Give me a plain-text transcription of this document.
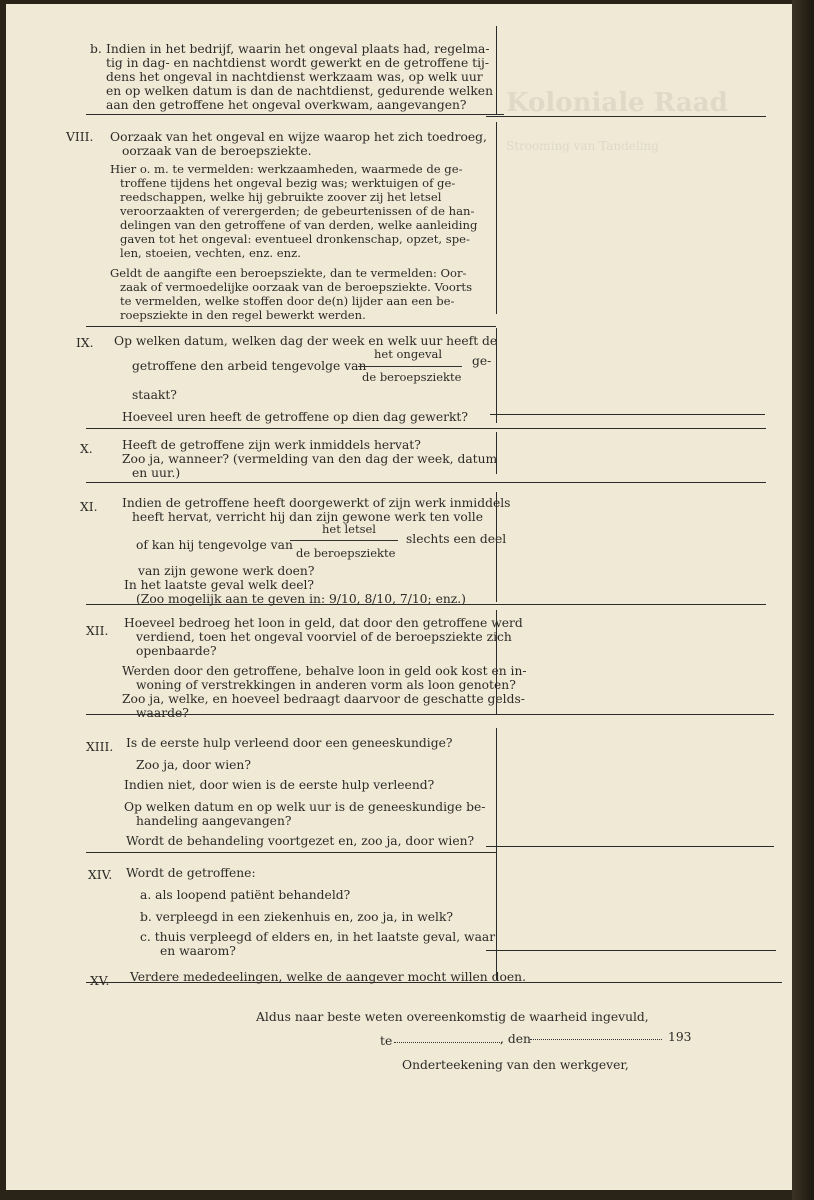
Koloniale Raad

Strooming van Tandeling

b. Indien in het bedrijf, waarin het ongeval plaats had, regelma-
tig in dag- en nachtdienst wordt gewerkt en de getroffene tij-
dens het ongeval in nachtdienst werkzaam was, op welk uur
en op welken datum is dan de nachtdienst, gedurende welken
aan den getroffene het ongeval overkwam, aangevangen?
VIII. Oorzaak van het ongeval en wijze waarop het zich toedroeg,
oorzaak van de beroepsziekte.
Hier o. m. te vermelden: werkzaamheden, waarmede de ge-
troffene tijdens het ongeval bezig was; werktuigen of ge-
reedschappen, welke hij gebruikte zoover zij het letsel
veroorzaakten of verergerden; de gebeurtenissen of de han-
delingen van den getroffene of van derden, welke aanleiding
gaven tot het ongeval: eventueel dronkenschap, opzet, spe-
len, stoeien, vechten, enz. enz.
Geldt de aangifte een beroepsziekte, dan te vermelden: Oor-
zaak of vermoedelijke oorzaak van de beroepsziekte. Voorts
te vermelden, welke stoffen door de(n) lijder aan een be-
roepsziekte in den regel bewerkt werden.
IX. Op welken datum, welken dag der week en welk uur heeft de
het ongeval
getroffene den arbeid tengevolge van	ge-
de beroepsziekte
staakt?
Hoeveel uren heeft de getroffene op dien dag gewerkt?
X. Heeft de getroffene zijn werk inmiddels hervat?
Zoo ja, wanneer? (vermelding van den dag der week, datum
en uur.)
XI. Indien de getroffene heeft doorgewerkt of zijn werk inmiddels
heeft hervat, verricht hij dan zijn gewone werk ten volle
het letsel
of kan hij tengevolge van	slechts een deel
de beroepsziekte
van zijn gewone werk doen?
In het laatste geval welk deel?
(Zoo mogelijk aan te geven in: 9/10, 8/10, 7/10; enz.)
XII.
Hoeveel bedroeg het loon in geld, dat door den getroffene werd
verdiend, toen het ongeval voorviel of de beroepsziekte zich
openbaarde?
Werden door den getroffene, behalve loon in geld ook kost en in-
woning of verstrekkingen in anderen vorm als loon genoten?
Zoo ja, welke, en hoeveel bedraagt daarvoor de geschatte gelds-
waarde?
XIII. Is de eerste hulp verleend door een geneeskundige?
Zoo ja, door wien?
Indien niet, door wien is de eerste hulp verleend?
Op welken datum en op welk uur is de geneeskundige be-
handeling aangevangen?
Wordt de behandeling voortgezet en, zoo ja, door wien?
XIV. Wordt de getroffene:
a. als loopend patiënt behandeld?
b. verpleegd in een ziekenhuis en, zoo ja, in welk?
c. thuis verpleegd of elders en, in het laatste geval, waar
en waarom?
XV. Verdere mededeelingen, welke de aangever mocht willen doen.
Aldus naar beste weten overeenkomstig de waarheid ingevuld,
te	, den	193
Onderteekening van den werkgever,
